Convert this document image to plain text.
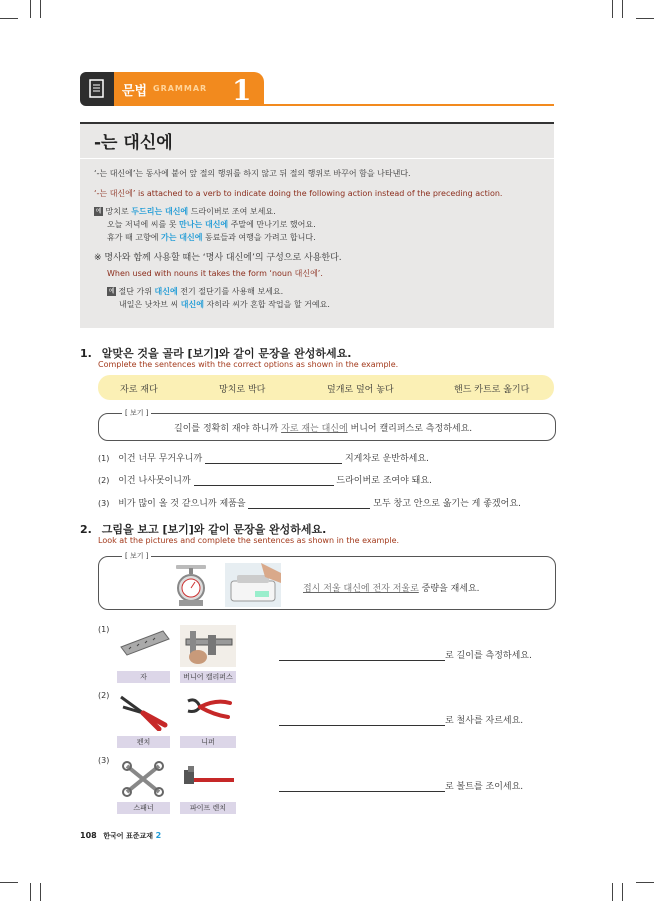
문법 GRAMMAR 1
-는 대신에
‘-는 대신에’는 동사에 붙어 앞 절의 행위를 하지 않고 뒤 절의 행위로 바꾸어 함을 나타낸다.
‘-는 대신에’ is attached to a verb to indicate doing the following action instead of the preceding action.
예 망치로 두드리는 대신에 드라이버로 조여 보세요.
오늘 저녁에 씨를 못 만나는 대신에 주말에 만나기로 했어요.
휴가 때 고향에 가는 대신에 동료들과 여행을 가려고 합니다.
※ 명사와 함께 사용할 때는 ‘명사 대신에’의 구성으로 사용한다.
When used with nouns it takes the form ‘noun 대신에’.
예 절단 가위 대신에 전기 절단기를 사용해 보세요.
내일은 낫차브 씨 대신에 자히라 씨가 혼합 작업을 할 거예요.
1. 알맞은 것을 골라 [보기]와 같이 문장을 완성하세요.
Complete the sentences with the correct options as shown in the example.
자로 재다	망치로 박다	덮개로 덮어 놓다	핸드 카트로 옮기다
[ 보기 ]
길이를 정확히 재야 하니까 자로 재는 대신에 버니어 캘리퍼스로 측정하세요.
(1) 이건 너무 무거우니까	지게차로 운반하세요.
(2) 이건 나사못이니까	드라이버로 조여야 돼요.
(3) 비가 많이 올 것 같으니까 제품을	모두 창고 안으로 옮기는 게 좋겠어요.
2. 그림을 보고 [보기]와 같이 문장을 완성하세요.
Look at the pictures and complete the sentences as shown in the example.
[ 보기 ]
접시 저울 대신에 전자 저울로 중량을 재세요.
(1)
자	버니어 캘리퍼스
로 길이를 측정하세요.
(2)
펜치	니퍼
로 철사를 자르세요.
(3)
스패너	파이프 렌치
로 볼트를 조이세요.
108 한국어 표준교재 2
